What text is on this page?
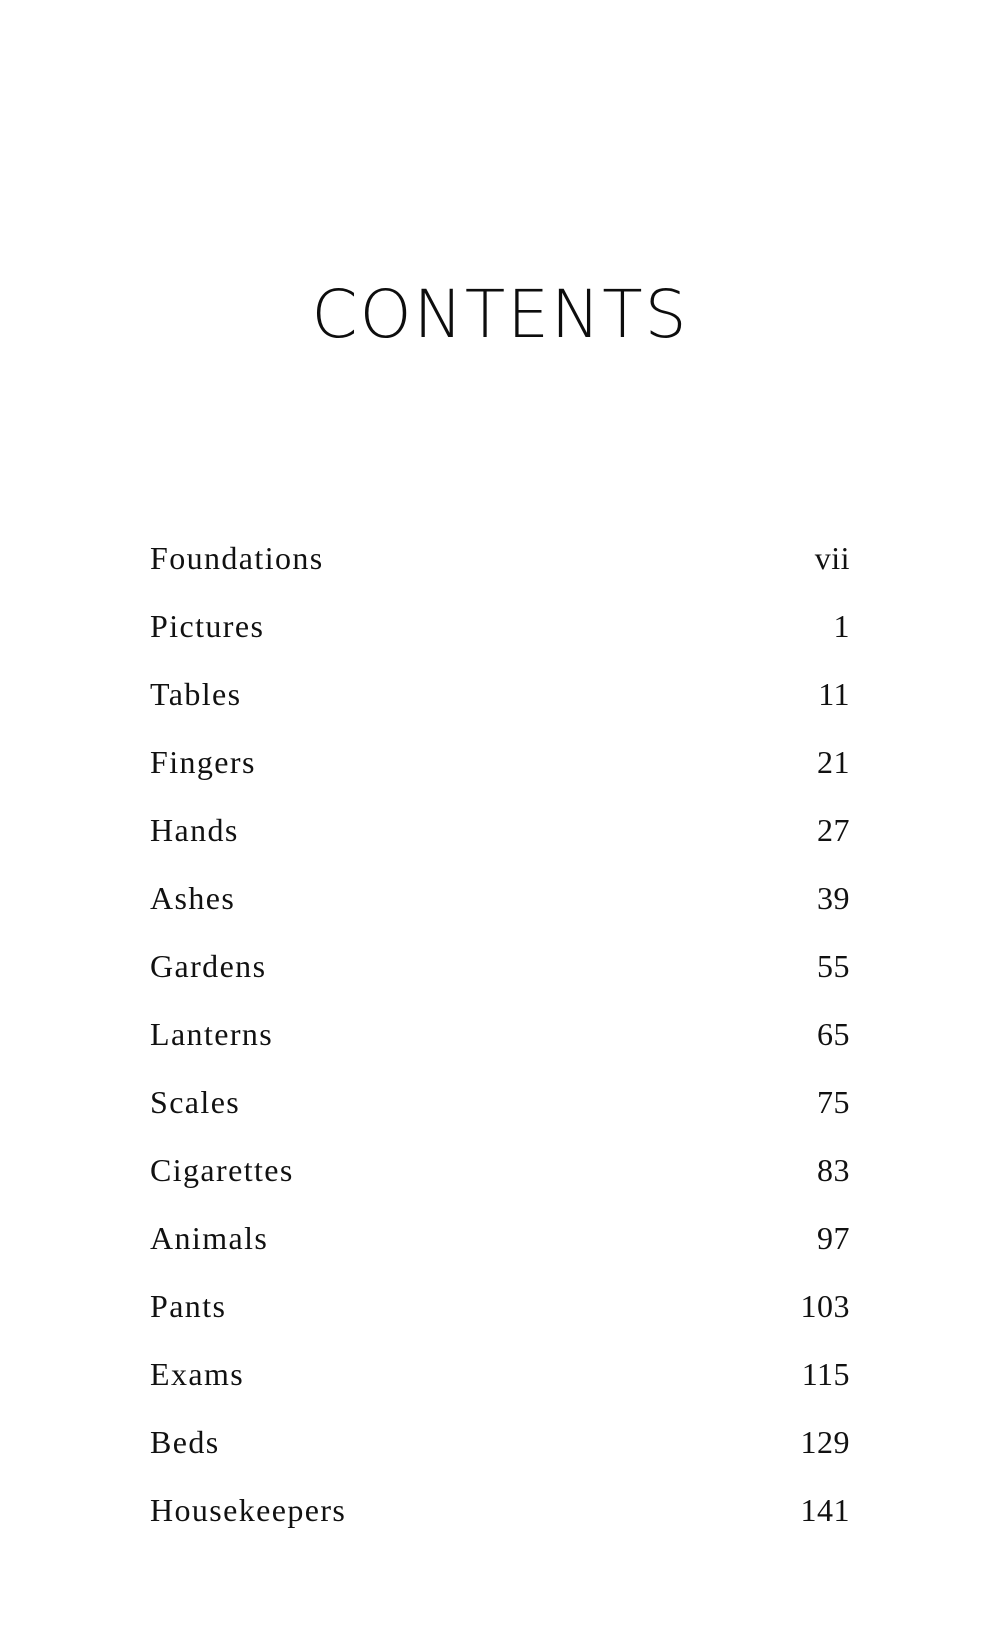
CONTENTS
Foundations	vii
Pictures	1
Tables	11
Fingers	21
Hands	27
Ashes	39
Gardens	55
Lanterns	65
Scales	75
Cigarettes	83
Animals	97
Pants	103
Exams	115
Beds	129
Housekeepers	141
